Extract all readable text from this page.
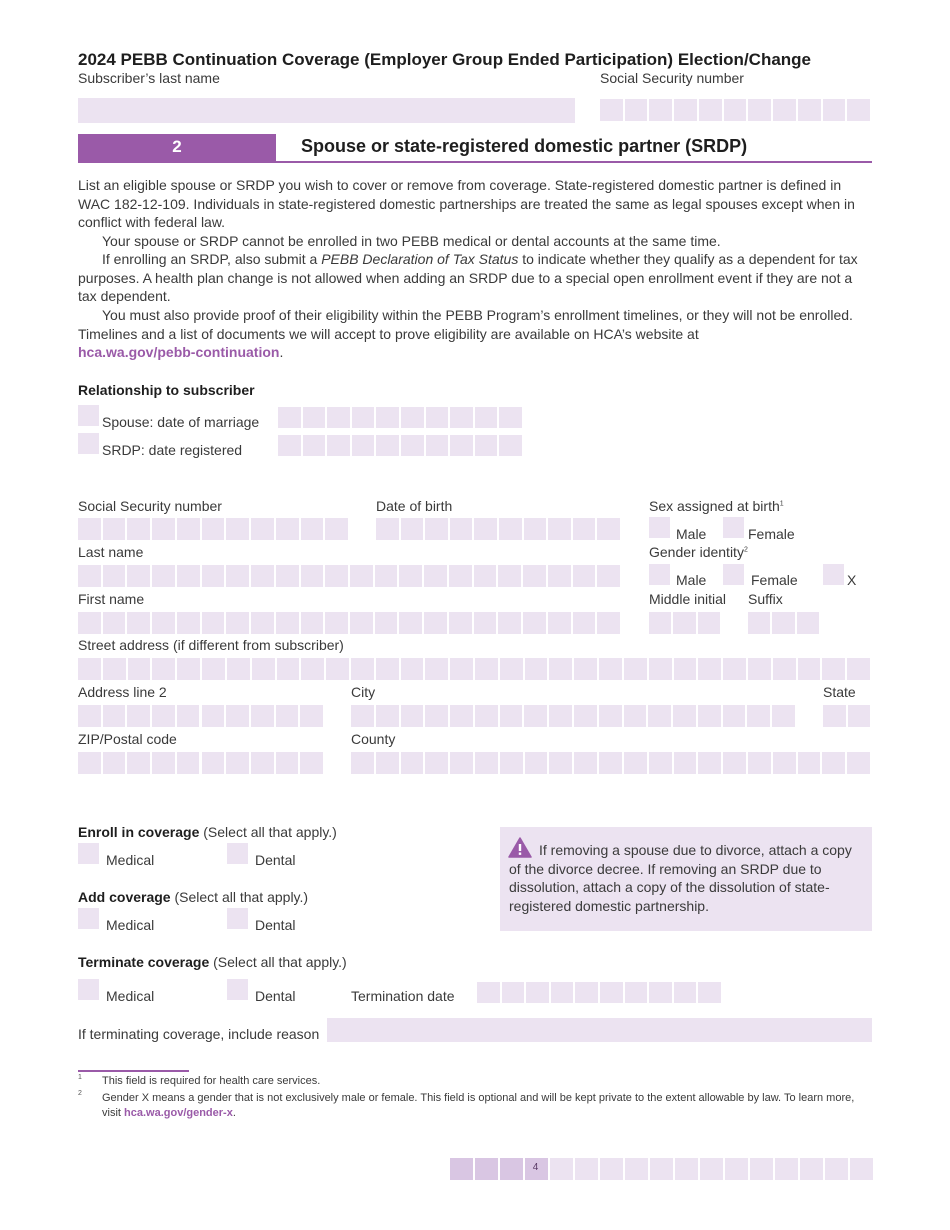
2024 PEBB Continuation Coverage (Employer Group Ended Participation) Election/Change
Subscriber’s last name	Social Security number
2	Spouse or state-registered domestic partner (SRDP)
List an eligible spouse or SRDP you wish to cover or remove from coverage. State-registered domestic partner is defined in WAC 182-12-109. Individuals in state-registered domestic partnerships are treated the same as legal spouses except when in conflict with federal law.
Your spouse or SRDP cannot be enrolled in two PEBB medical or dental accounts at the same time.
If enrolling an SRDP, also submit a PEBB Declaration of Tax Status to indicate whether they qualify as a dependent for tax purposes. A health plan change is not allowed when adding an SRDP due to a special open enrollment event if they are not a tax dependent.
You must also provide proof of their eligibility within the PEBB Program’s enrollment timelines, or they will not be enrolled. Timelines and a list of documents we will accept to prove eligibility are available on HCA’s website at
hca.wa.gov/pebb-continuation.
Relationship to subscriber
Spouse: date of marriage
SRDP: date registered
Social Security number	Date of birth	Sex assigned at birth$^1$
Male	Female
Last name	Gender identity$^2$
Male	Female	X
First name	Middle initial Suffix
Street address (if different from subscriber)
Address line 2	City	State
ZIP/Postal code	County
Enroll in coverage (Select all that apply.)
Medical	Dental
Add coverage (Select all that apply.)
Medical	Dental
Terminate coverage (Select all that apply.)
Medical	Dental	Termination date
If terminating coverage, include reason
If removing a spouse due to divorce, attach a copy of the divorce decree. If removing an SRDP due to dissolution, attach a copy of the dissolution of state-registered domestic partnership.
1 This field is required for health care services.
2 Gender X means a gender that is not exclusively male or female. This field is optional and will be kept private to the extent allowable by law. To learn more, visit hca.wa.gov/gender-x.
4
